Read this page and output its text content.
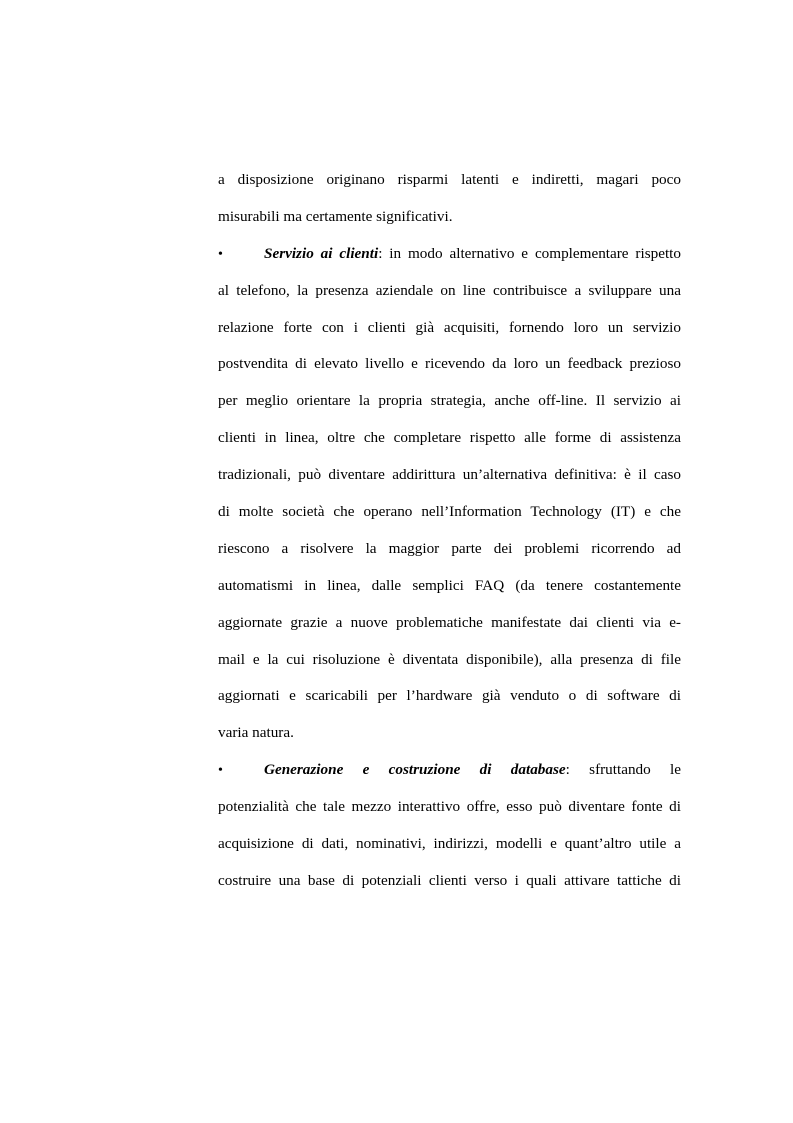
a disposizione originano risparmi latenti e indiretti, magari poco
misurabili ma certamente significativi.
•	Servizio ai clienti: in modo alternativo e complementare rispetto
al telefono, la presenza aziendale on line contribuisce a sviluppare una
relazione forte con i clienti già acquisiti, fornendo loro un servizio
postvendita di elevato livello e ricevendo da loro un feedback prezioso
per meglio orientare la propria strategia, anche off-line. Il servizio ai
clienti in linea, oltre che completare rispetto alle forme di assistenza
tradizionali, può diventare addirittura un’alternativa definitiva: è il caso
di molte società che operano nell’Information Technology (IT) e che
riescono a risolvere la maggior parte dei problemi ricorrendo ad
automatismi in linea, dalle semplici FAQ (da tenere costantemente
aggiornate grazie a nuove problematiche manifestate dai clienti via e-
mail e la cui risoluzione è diventata disponibile), alla presenza di file
aggiornati e scaricabili per l’hardware già venduto o di software di
varia natura.
•	Generazione e costruzione di database: sfruttando le
potenzialità che tale mezzo interattivo offre, esso può diventare fonte di
acquisizione di dati, nominativi, indirizzi, modelli e quant’altro utile a
costruire una base di potenziali clienti verso i quali attivare tattiche di
